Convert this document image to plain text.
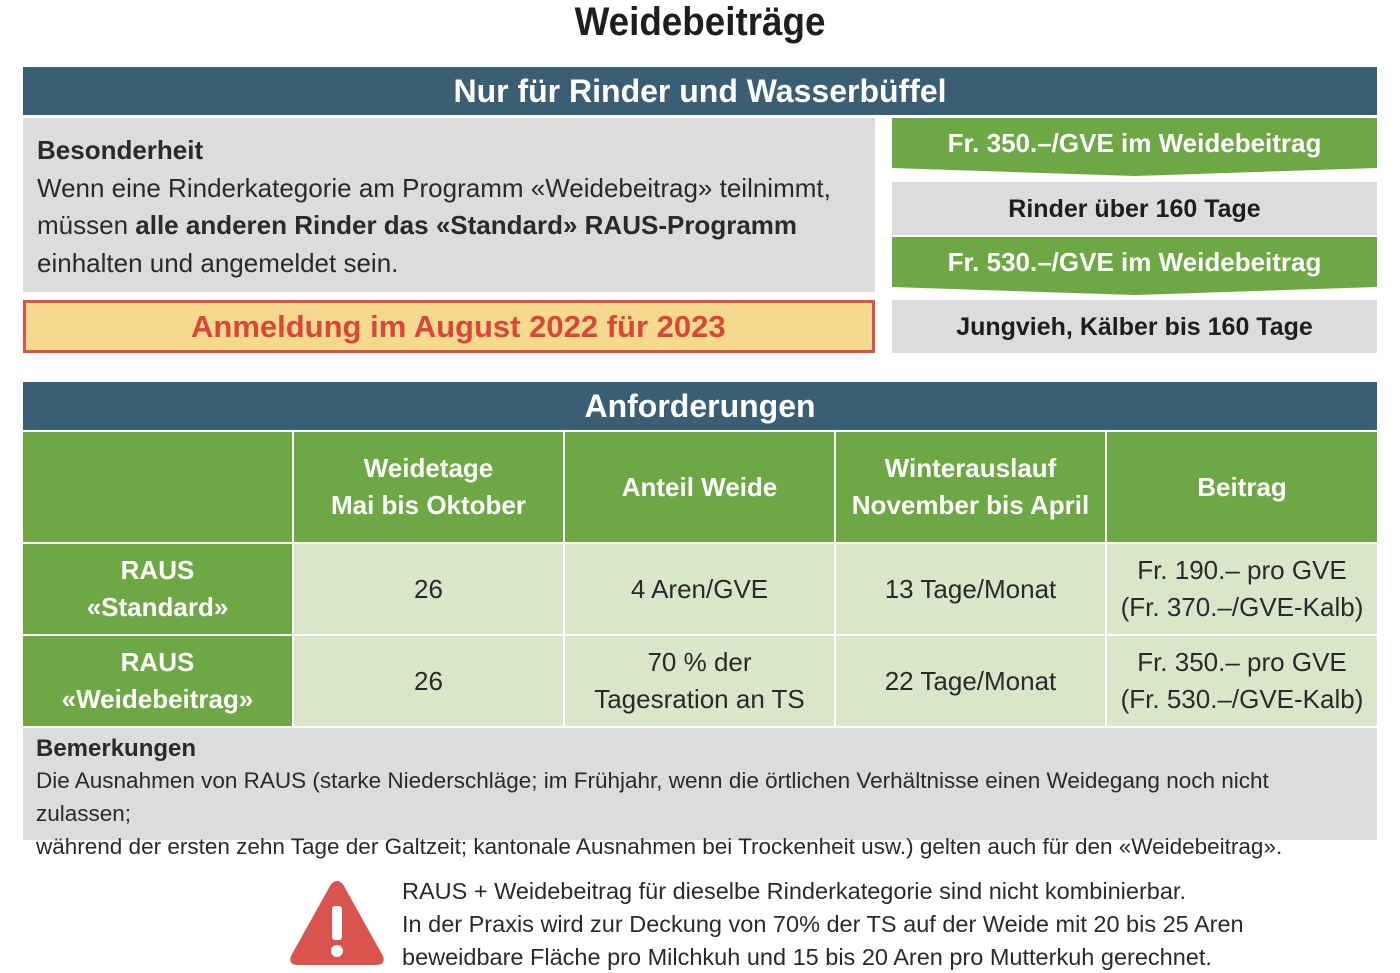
Weidebeiträge
Nur für Rinder und Wasserbüffel
Besonderheit
Wenn eine Rinderkategorie am Programm «Weidebeitrag» teilnimmt,
müssen alle anderen Rinder das «Standard» RAUS-Programm
einhalten und angemeldet sein.
Anmeldung im August 2022 für 2023
Fr. 350.–/GVE im Weidebeitrag
Rinder über 160 Tage
Fr. 530.–/GVE im Weidebeitrag
Jungvieh, Kälber bis 160 Tage
Anforderungen
Weidetage
Mai bis Oktober
Anteil Weide
Winterauslauf
November bis April
Beitrag
RAUS
«Standard»
26	4 Aren/GVE	13 Tage/Monat
Fr. 190.– pro GVE
(Fr. 370.–/GVE-Kalb)
RAUS
«Weidebeitrag»
26
70 % der
Tagesration an TS
22 Tage/Monat
Fr. 350.– pro GVE
(Fr. 530.–/GVE-Kalb)
Bemerkungen
Die Ausnahmen von RAUS (starke Niederschläge; im Frühjahr, wenn die örtlichen Verhältnisse einen Weidegang noch nicht zulassen;
während der ersten zehn Tage der Galtzeit; kantonale Ausnahmen bei Trockenheit usw.) gelten auch für den «Weidebeitrag».
RAUS + Weidebeitrag für dieselbe Rinderkategorie sind nicht kombinierbar.
In der Praxis wird zur Deckung von 70% der TS auf der Weide mit 20 bis 25 Aren
beweidbare Fläche pro Milchkuh und 15 bis 20 Aren pro Mutterkuh gerechnet.
